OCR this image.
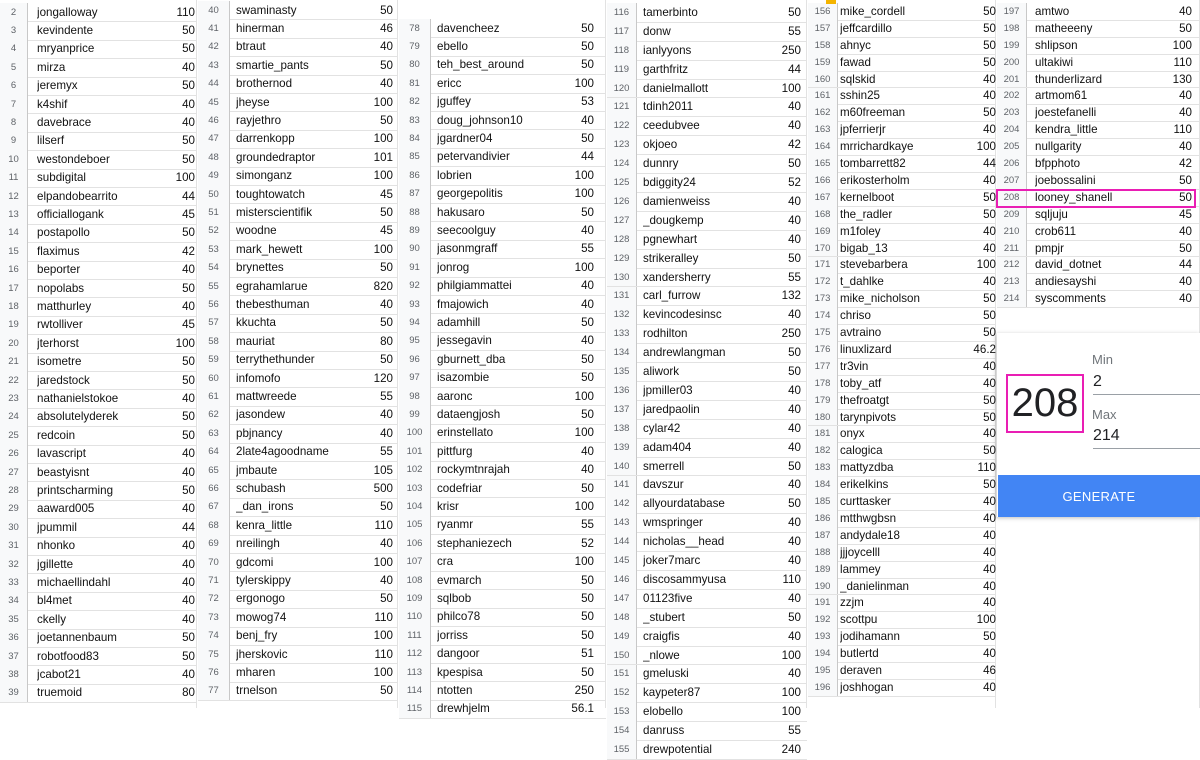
2	jongalloway	110
3	kevindente	50
4	mryanprice	50
5	mirza	40
6	jeremyx	50
7	k4shif	40
8	davebrace	40
9	lilserf	50
10	westondeboer	50
11	subdigital	100
12	elpandobearrito	44
13	officiallogank	45
14	postapollo	50
15	flaximus	42
16	beporter	40
17	nopolabs	50
18	matthurley	40
19	rwtolliver	45
20	jterhorst	100
21	isometre	50
22	jaredstock	50
23	nathanielstokoe	40
24	absolutelyderek	50
25	redcoin	50
26	lavascript	40
27	beastyisnt	40
28	printscharming	50
29	aaward005	40
30	jpummil	44
31	nhonko	40
32	jgillette	40
33	michaellindahl	40
34	bl4met	40
35	ckelly	40
36	joetannenbaum	50
37	robotfood83	50
38	jcabot21	40
39	truemoid	80
40	swaminasty	50
41	hinerman	46
42	btraut	40
43	smartie_pants	50
44	brothernod	40
45	jheyse	100
46	rayjethro	50
47	darrenkopp	100
48	groundedraptor	101
49	simonganz	100
50	toughtowatch	45
51	misterscientifik	50
52	woodne	45
53	mark_hewett	100
54	brynettes	50
55	egrahamlarue	820
56	thebesthuman	40
57	kkuchta	50
58	mauriat	80
59	terrythethunder	50
60	infomofo	120
61	mattwreede	55
62	jasondew	40
63	pbjnancy	40
64	2late4agoodname	55
65	jmbaute	105
66	schubash	500
67	_dan_irons	50
68	kenra_little	110
69	nreilingh	40
70	gdcomi	100
71	tylerskippy	40
72	ergonogo	50
73	mowog74	110
74	benj_fry	100
75	jherskovic	110
76	mharen	100
77	trnelson	50
78	davencheez	50
79	ebello	50
80	teh_best_around	50
81	ericc	100
82	jguffey	53
83	doug_johnson10	40
84	jgardner04	50
85	petervandivier	44
86	lobrien	100
87	georgepolitis	100
88	hakusaro	50
89	seecoolguy	40
90	jasonmgraff	55
91	jonrog	100
92	philgiammattei	40
93	fmajowich	40
94	adamhill	50
95	jessegavin	40
96	gburnett_dba	50
97	isazombie	50
98	aaronc	100
99	dataengjosh	50
100	erinstellato	100
101	pittfurg	40
102	rockymtnrajah	40
103	codefriar	50
104	krisr	100
105	ryanmr	55
106	stephaniezech	52
107	cra	100
108	evmarch	50
109	sqlbob	50
110	philco78	50
111	jorriss	50
112	dangoor	51
113	kpespisa	50
114	ntotten	250
115	drewhjelm	56.1
116	tamerbinto	50
117	donw	55
118	ianlyyons	250
119	garthfritz	44
120	danielmallott	100
121	tdinh2011	40
122	ceedubvee	40
123	okjoeo	42
124	dunnry	50
125	bdiggity24	52
126	damienweiss	40
127	_dougkemp	40
128	pgnewhart	40
129	strikeralley	50
130	xandersherry	55
131	carl_furrow	132
132	kevincodesinsc	40
133	rodhilton	250
134	andrewlangman	50
135	aliwork	50
136	jpmiller03	40
137	jaredpaolin	40
138	cylar42	40
139	adam404	40
140	smerrell	50
141	davszur	40
142	allyourdatabase	50
143	wmspringer	40
144	nicholas__head	40
145	joker7marc	40
146	discosammyusa	110
147	01123five	40
148	_stubert	50
149	craigfis	40
150	_nlowe	100
151	gmeluski	40
152	kaypeter87	100
153	elobello	100
154	danruss	55
155	drewpotential	240
156 mike_cordell	50
157 jeffcardillo	50
158 ahnyc	50
159 fawad	50
160 sqlskid	40
161 sshin25	40
162 m60freeman	50
163 jpferrierjr	40
164 mrrichardkaye	100
165 tombarrett82	44
166 erikosterholm	40
167 kernelboot	50
168 the_radler	50
169 m1foley	40
170 bigab_13	40
171 stevebarbera	100
172 t_dahlke	40
173 mike_nicholson	50
174 chriso	50
175 avtraino	50
176 linuxlizard	46.2
177 tr3vin	40
178 toby_atf	40
179 thefroatgt	50
180 tarynpivots	50
181 onyx	40
182 calogica	50
183 mattyzdba	110
184 erikelkins	50
185 curttasker	40
186 mtthwgbsn	40
187 andydale18	40
188 jjjoycelll	40
189 lammey	40
190 _danielinman	40
191 zzjm	40
192 scottpu	100
193 jodihamann	50
194 butlertd	40
195 deraven	46
196 joshhogan	40
197	amtwo	40
198	matheeeny	50
199	shlipson	100
200	ultakiwi	110
201	thunderlizard	130
202	artmom61	40
203	joestefanelli	40
204	kendra_little	110
205	nullgarity	40
206	bfpphoto	42
207	joebossalini	50
208	looney_shanell	50
209	sqljuju	45
210	crob611	40
211	pmpjr	50
212	david_dotnet	44
213	andiesayshi	40
214	syscomments	40
208
Min
2
Max
214
GENERATE
